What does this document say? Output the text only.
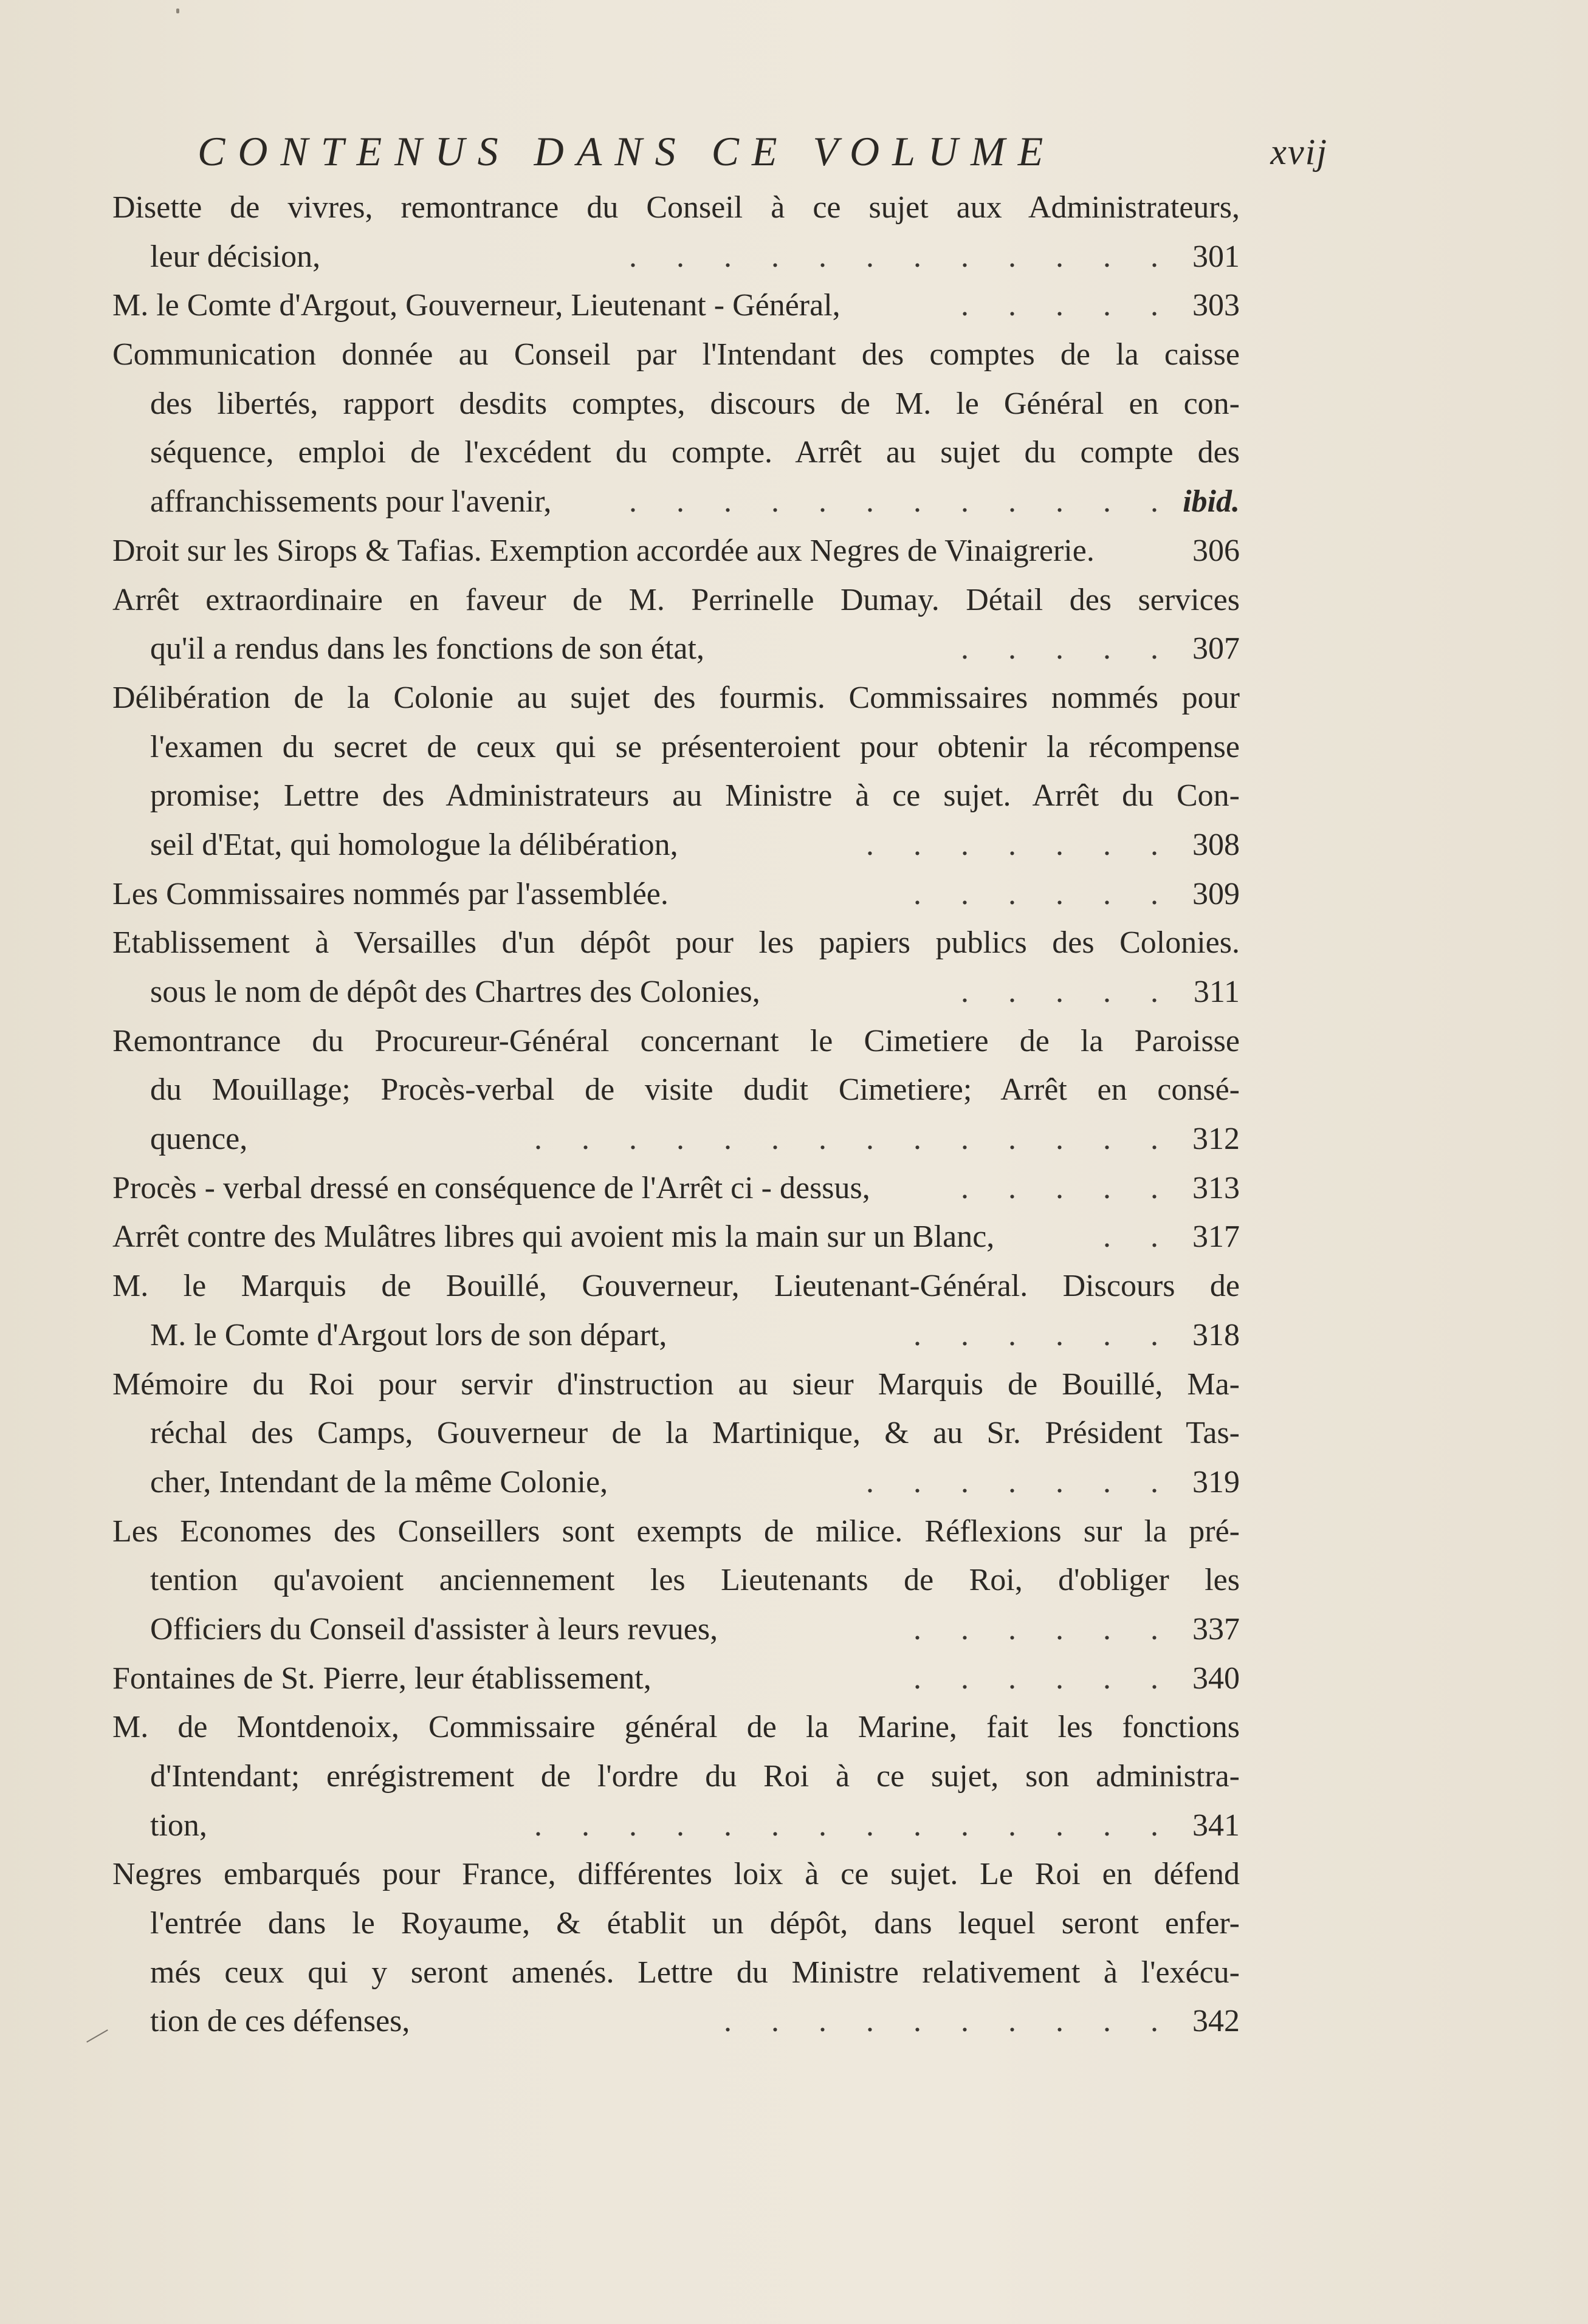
CONTENUS DANS CE VOLUME	xvij
Disette de vivres, remontrance du Conseil à ce sujet aux Administrateurs,
leur décision,	. . . . . . . . . . . . 301
M. le Comte d'Argout, Gouverneur, Lieutenant - Général,	. . . . . 303
Communication donnée au Conseil par l'Intendant des comptes de la caisse
des libertés, rapport desdits comptes, discours de M. le Général en con-
séquence, emploi de l'excédent du compte. Arrêt au sujet du compte des
affranchissements pour l'avenir,	. . . . . . . . . . . . ibid.
Droit sur les Sirops & Tafias. Exemption accordée aux Negres de Vinaigrerie.	306
Arrêt extraordinaire en faveur de M. Perrinelle Dumay. Détail des services
qu'il a rendus dans les fonctions de son état,	. . . . . 307
Délibération de la Colonie au sujet des fourmis. Commissaires nommés pour
l'examen du secret de ceux qui se présenteroient pour obtenir la récompense
promise; Lettre des Administrateurs au Ministre à ce sujet. Arrêt du Con-
seil d'Etat, qui homologue la délibération,	. . . . . . . 308
Les Commissaires nommés par l'assemblée.	. . . . . . 309
Etablissement à Versailles d'un dépôt pour les papiers publics des Colonies.
sous le nom de dépôt des Chartres des Colonies,	. . . . . 311
Remontrance du Procureur-Général concernant le Cimetiere de la Paroisse
du Mouillage; Procès-verbal de visite dudit Cimetiere; Arrêt en consé-
quence,	. . . . . . . . . . . . . . 312
Procès - verbal dressé en conséquence de l'Arrêt ci - dessus,	. . . . . 313
Arrêt contre des Mulâtres libres qui avoient mis la main sur un Blanc,	. . 317
M. le Marquis de Bouillé, Gouverneur, Lieutenant-Général. Discours de
M. le Comte d'Argout lors de son départ,	. . . . . . 318
Mémoire du Roi pour servir d'instruction au sieur Marquis de Bouillé, Ma-
réchal des Camps, Gouverneur de la Martinique, & au Sr. Président Tas-
cher, Intendant de la même Colonie,	. . . . . . . 319
Les Economes des Conseillers sont exempts de milice. Réflexions sur la pré-
tention qu'avoient anciennement les Lieutenants de Roi, d'obliger les
Officiers du Conseil d'assister à leurs revues,	. . . . . . 337
Fontaines de St. Pierre, leur établissement,	. . . . . . 340
M. de Montdenoix, Commissaire général de la Marine, fait les fonctions
d'Intendant; enrégistrement de l'ordre du Roi à ce sujet, son administra-
tion,	. . . . . . . . . . . . . . 341
Negres embarqués pour France, différentes loix à ce sujet. Le Roi en défend
l'entrée dans le Royaume, & établit un dépôt, dans lequel seront enfer-
més ceux qui y seront amenés. Lettre du Ministre relativement à l'exécu-
tion de ces défenses,	. . . . . . . . . . 342
